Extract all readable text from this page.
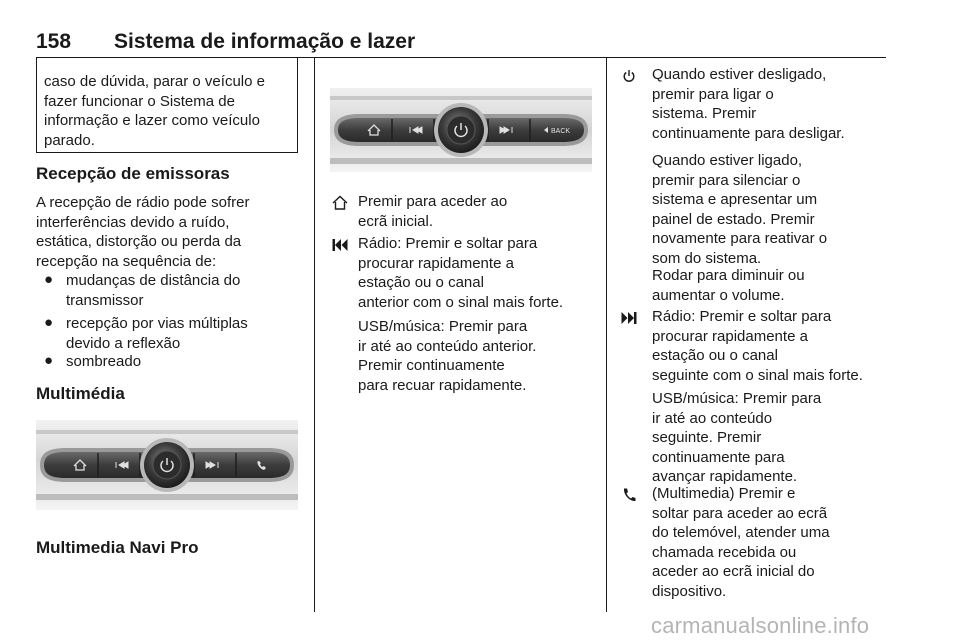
158 Sistema de informação e lazer
caso de dúvida, parar o veículo e
fazer funcionar o Sistema de
informação e lazer como veículo
parado.
Recepção de emissoras
A recepção de rádio pode sofrer
interferências devido a ruído,
estática, distorção ou perda da
recepção na sequência de:
● mudanças de distância do
transmissor
● recepção por vias múltiplas
devido a reflexão
● sombreado
Multimédia
Multimedia Navi Pro
BACK
Premir para aceder ao
ecrã inicial.
Rádio: Premir e soltar para
procurar rapidamente a
estação ou o canal
anterior com o sinal mais forte.
USB/música: Premir para
ir até ao conteúdo anterior.
Premir continuamente
para recuar rapidamente.
Quando estiver desligado,
premir para ligar o
sistema. Premir
continuamente para desligar.
Quando estiver ligado,
premir para silenciar o
sistema e apresentar um
painel de estado. Premir
novamente para reativar o
som do sistema.
Rodar para diminuir ou
aumentar o volume.
Rádio: Premir e soltar para
procurar rapidamente a
estação ou o canal
seguinte com o sinal mais forte.
USB/música: Premir para
ir até ao conteúdo
seguinte. Premir
continuamente para
avançar rapidamente.
(Multimedia) Premir e
soltar para aceder ao ecrã
do telemóvel, atender uma
chamada recebida ou
aceder ao ecrã inicial do
dispositivo.
carmanualsonline.info
